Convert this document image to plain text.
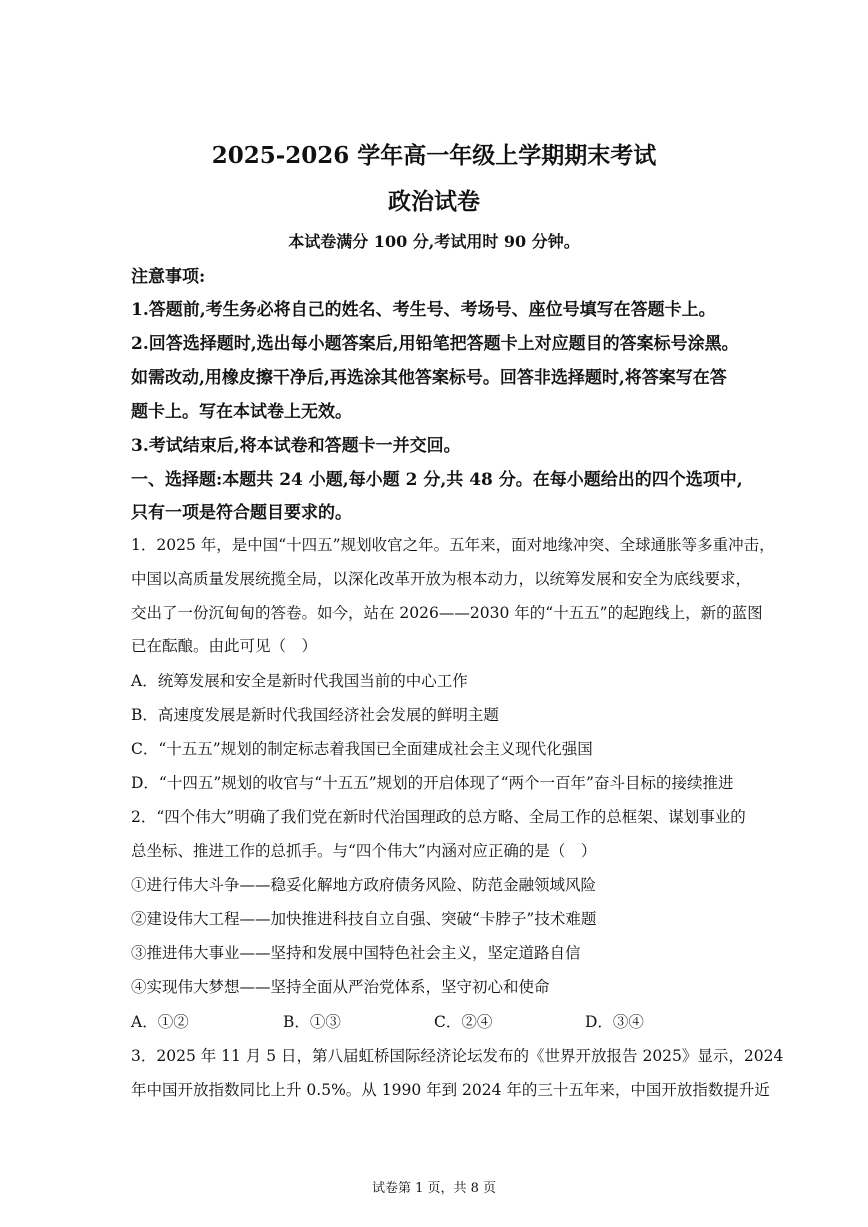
2025-2026 学年高一年级上学期期末考试
政治试卷
本试卷满分 100 分,考试用时 90 分钟。
注意事项:
1.答题前,考生务必将自己的姓名、考生号、考场号、座位号填写在答题卡上。
2.回答选择题时,选出每小题答案后,用铅笔把答题卡上对应题目的答案标号涂黑。
如需改动,用橡皮擦干净后,再选涂其他答案标号。回答非选择题时,将答案写在答
题卡上。写在本试卷上无效。
3.考试结束后,将本试卷和答题卡一并交回。
一、选择题:本题共 24 小题,每小题 2 分,共 48 分。在每小题给出的四个选项中,
只有一项是符合题目要求的。
1．2025 年，是中国“十四五”规划收官之年。五年来，面对地缘冲突、全球通胀等多重冲击，
中国以高质量发展统揽全局，以深化改革开放为根本动力，以统筹发展和安全为底线要求，
交出了一份沉甸甸的答卷。如今，站在 2026——2030 年的“十五五”的起跑线上，新的蓝图
已在酝酿。由此可见（　）
A．统筹发展和安全是新时代我国当前的中心工作
B．高速度发展是新时代我国经济社会发展的鲜明主题
C．“十五五”规划的制定标志着我国已全面建成社会主义现代化强国
D．“十四五”规划的收官与“十五五”规划的开启体现了“两个一百年”奋斗目标的接续推进
2．“四个伟大”明确了我们党在新时代治国理政的总方略、全局工作的总框架、谋划事业的
总坐标、推进工作的总抓手。与“四个伟大”内涵对应正确的是（　）
①进行伟大斗争——稳妥化解地方政府债务风险、防范金融领域风险
②建设伟大工程——加快推进科技自立自强、突破“卡脖子”技术难题
③推进伟大事业——坚持和发展中国特色社会主义，坚定道路自信
④实现伟大梦想——坚持全面从严治党体系，坚守初心和使命
A．①②	B．①③	C．②④	D．③④
3．2025 年 11 月 5 日，第八届虹桥国际经济论坛发布的《世界开放报告 2025》显示，2024
年中国开放指数同比上升 0.5%。从 1990 年到 2024 年的三十五年来，中国开放指数提升近
试卷第 1 页，共 8 页
